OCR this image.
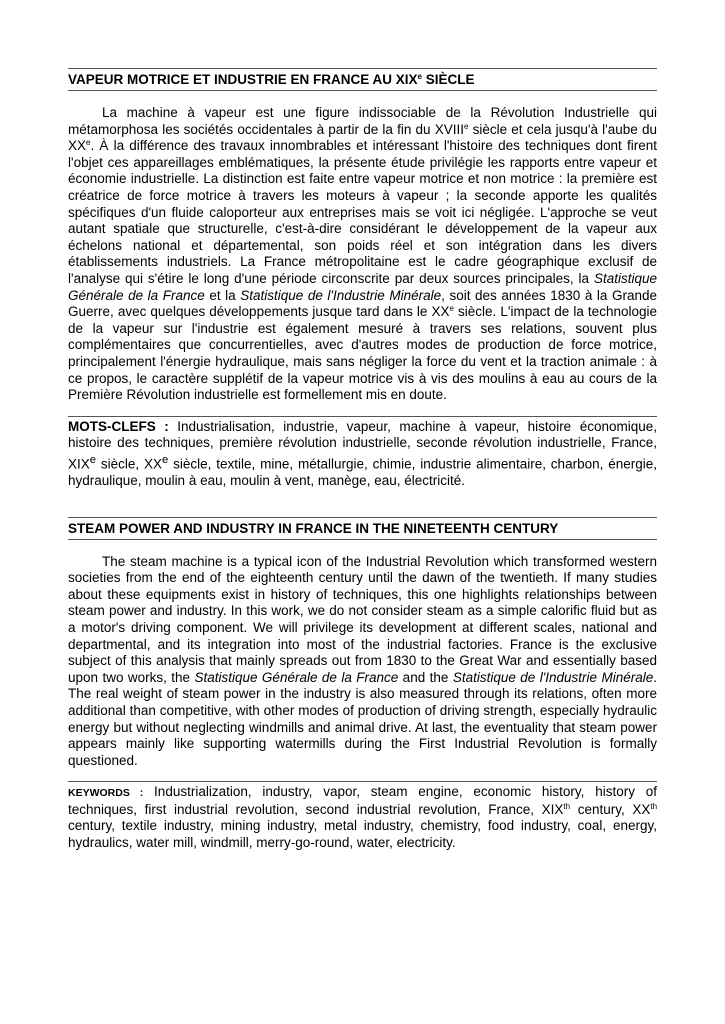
VAPEUR MOTRICE ET INDUSTRIE EN FRANCE AU XIXe SIÈCLE

La machine à vapeur est une figure indissociable de la Révolution Industrielle qui métamorphosa les sociétés occidentales à partir de la fin du XVIIIe siècle et cela jusqu'à l'aube du XXe. À la différence des travaux innombrables et intéressant l'histoire des techniques dont firent l'objet ces appareillages emblématiques, la présente étude privilégie les rapports entre vapeur et économie industrielle. La distinction est faite entre vapeur motrice et non motrice : la première est créatrice de force motrice à travers les moteurs à vapeur ; la seconde apporte les qualités spécifiques d'un fluide caloporteur aux entreprises mais se voit ici négligée. L'approche se veut autant spatiale que structurelle, c'est-à-dire considérant le développement de la vapeur aux échelons national et départemental, son poids réel et son intégration dans les divers établissements industriels. La France métropolitaine est le cadre géographique exclusif de l'analyse qui s'étire le long d'une période circonscrite par deux sources principales, la Statistique Générale de la France et la Statistique de l'Industrie Minérale, soit des années 1830 à la Grande Guerre, avec quelques développements jusque tard dans le XXe siècle. L'impact de la technologie de la vapeur sur l'industrie est également mesuré à travers ses relations, souvent plus complémentaires que concurrentielles, avec d'autres modes de production de force motrice, principalement l'énergie hydraulique, mais sans négliger la force du vent et la traction animale : à ce propos, le caractère supplétif de la vapeur motrice vis à vis des moulins à eau au cours de la Première Révolution industrielle est formellement mis en doute.

MOTS-CLEFS : Industrialisation, industrie, vapeur, machine à vapeur, histoire économique, histoire des techniques, première révolution industrielle, seconde révolution industrielle, France, XIXe siècle, XXe siècle, textile, mine, métallurgie, chimie, industrie alimentaire, charbon, énergie, hydraulique, moulin à eau, moulin à vent, manège, eau, électricité.
STEAM POWER AND INDUSTRY IN FRANCE IN THE NINETEENTH CENTURY

The steam machine is a typical icon of the Industrial Revolution which transformed western societies from the end of the eighteenth century until the dawn of the twentieth. If many studies about these equipments exist in history of techniques, this one highlights relationships between steam power and industry. In this work, we do not consider steam as a simple calorific fluid but as a motor's driving component. We will privilege its development at different scales, national and departmental, and its integration into most of the industrial factories. France is the exclusive subject of this analysis that mainly spreads out from 1830 to the Great War and essentially based upon two works, the Statistique Générale de la France and the Statistique de l'Industrie Minérale. The real weight of steam power in the industry is also measured through its relations, often more additional than competitive, with other modes of production of driving strength, especially hydraulic energy but without neglecting windmills and animal drive. At last, the eventuality that steam power appears mainly like supporting watermills during the First Industrial Revolution is formally questioned.

KEYWORDS : Industrialization, industry, vapor, steam engine, economic history, history of techniques, first industrial revolution, second industrial revolution, France, XIXth century, XXth century, textile industry, mining industry, metal industry, chemistry, food industry, coal, energy, hydraulics, water mill, windmill, merry-go-round, water, electricity.
